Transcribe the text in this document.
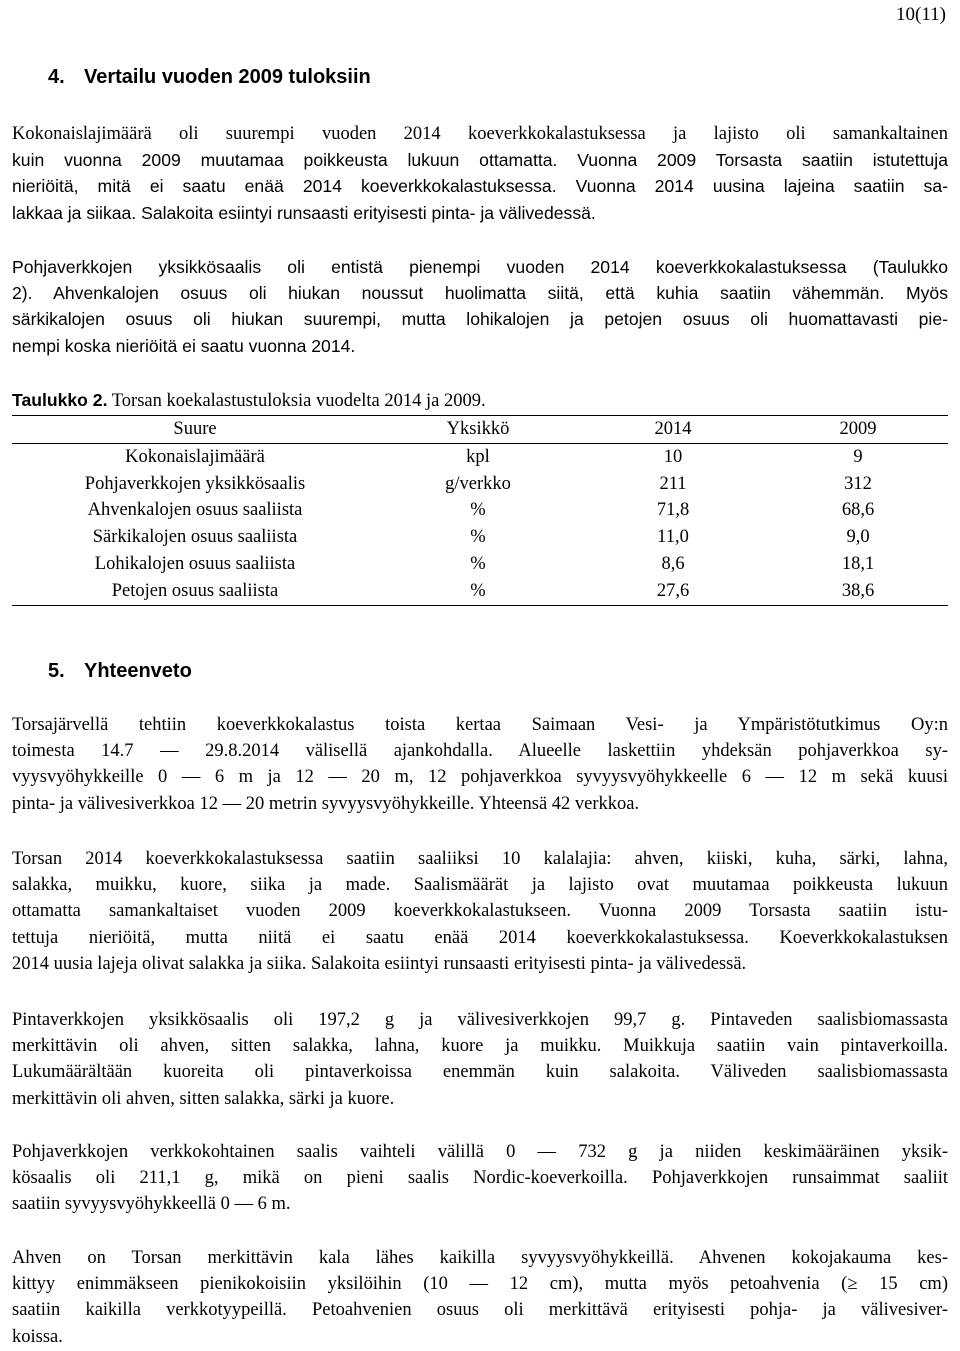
10(11)
4. Vertailu vuoden 2009 tuloksiin
Kokonaislajimäärä oli suurempi vuoden 2014 koeverkkokalastuksessa ja lajisto oli samankaltainen
kuin vuonna 2009 muutamaa poikkeusta lukuun ottamatta. Vuonna 2009 Torsasta saatiin istutettuja
nieriöitä, mitä ei saatu enää 2014 koeverkkokalastuksessa. Vuonna 2014 uusina lajeina saatiin sa-
lakkaa ja siikaa. Salakoita esiintyi runsaasti erityisesti pinta- ja välivedessä.
Pohjaverkkojen yksikkösaalis oli entistä pienempi vuoden 2014 koeverkkokalastuksessa (Taulukko
2). Ahvenkalojen osuus oli hiukan noussut huolimatta siitä, että kuhia saatiin vähemmän. Myös
särkikalojen osuus oli hiukan suurempi, mutta lohikalojen ja petojen osuus oli huomattavasti pie-
nempi koska nieriöitä ei saatu vuonna 2014.
Taulukko 2. Torsan koekalastustuloksia vuodelta 2014 ja 2009.
Suure	Yksikkö	2014	2009
Kokonaislajimäärä	kpl	10	9
Pohjaverkkojen yksikkösaalis	g/verkko	211	312
Ahvenkalojen osuus saaliista	%	71,8	68,6
Särkikalojen osuus saaliista	%	11,0	9,0
Lohikalojen osuus saaliista	%	8,6	18,1
Petojen osuus saaliista	%	27,6	38,6
5. Yhteenveto
Torsajärvellä tehtiin koeverkkokalastus toista kertaa Saimaan Vesi- ja Ympäristötutkimus Oy:n
toimesta 14.7 — 29.8.2014 välisellä ajankohdalla. Alueelle laskettiin yhdeksän pohjaverkkoa sy-
vyysvyöhykkeille 0 — 6 m ja 12 — 20 m, 12 pohjaverkkoa syvyysvyöhykkeelle 6 — 12 m sekä kuusi
pinta- ja välivesiverkkoa 12 — 20 metrin syvyysvyöhykkeille. Yhteensä 42 verkkoa.
Torsan 2014 koeverkkokalastuksessa saatiin saaliiksi 10 kalalajia: ahven, kiiski, kuha, särki, lahna,
salakka, muikku, kuore, siika ja made. Saalismäärät ja lajisto ovat muutamaa poikkeusta lukuun
ottamatta samankaltaiset vuoden 2009 koeverkkokalastukseen. Vuonna 2009 Torsasta saatiin istu-
tettuja nieriöitä, mutta niitä ei saatu enää 2014 koeverkkokalastuksessa. Koeverkkokalastuksen
2014 uusia lajeja olivat salakka ja siika. Salakoita esiintyi runsaasti erityisesti pinta- ja välivedessä.
Pintaverkkojen yksikkösaalis oli 197,2 g ja välivesiverkkojen 99,7 g. Pintaveden saalisbiomassasta
merkittävin oli ahven, sitten salakka, lahna, kuore ja muikku. Muikkuja saatiin vain pintaverkoilla.
Lukumäärältään kuoreita oli pintaverkoissa enemmän kuin salakoita. Väliveden saalisbiomassasta
merkittävin oli ahven, sitten salakka, särki ja kuore.
Pohjaverkkojen verkkokohtainen saalis vaihteli välillä 0 — 732 g ja niiden keskimääräinen yksik-
kösaalis oli 211,1 g, mikä on pieni saalis Nordic-koeverkoilla. Pohjaverkkojen runsaimmat saaliit
saatiin syvyysvyöhykkeellä 0 — 6 m.
Ahven on Torsan merkittävin kala lähes kaikilla syvyysvyöhykkeillä. Ahvenen kokojakauma kes-
kittyy enimmäkseen pienikokoisiin yksilöihin (10 — 12 cm), mutta myös petoahvenia (≥ 15 cm)
saatiin kaikilla verkkotyypeillä. Petoahvenien osuus oli merkittävä erityisesti pohja- ja välivesiver-
koissa.
